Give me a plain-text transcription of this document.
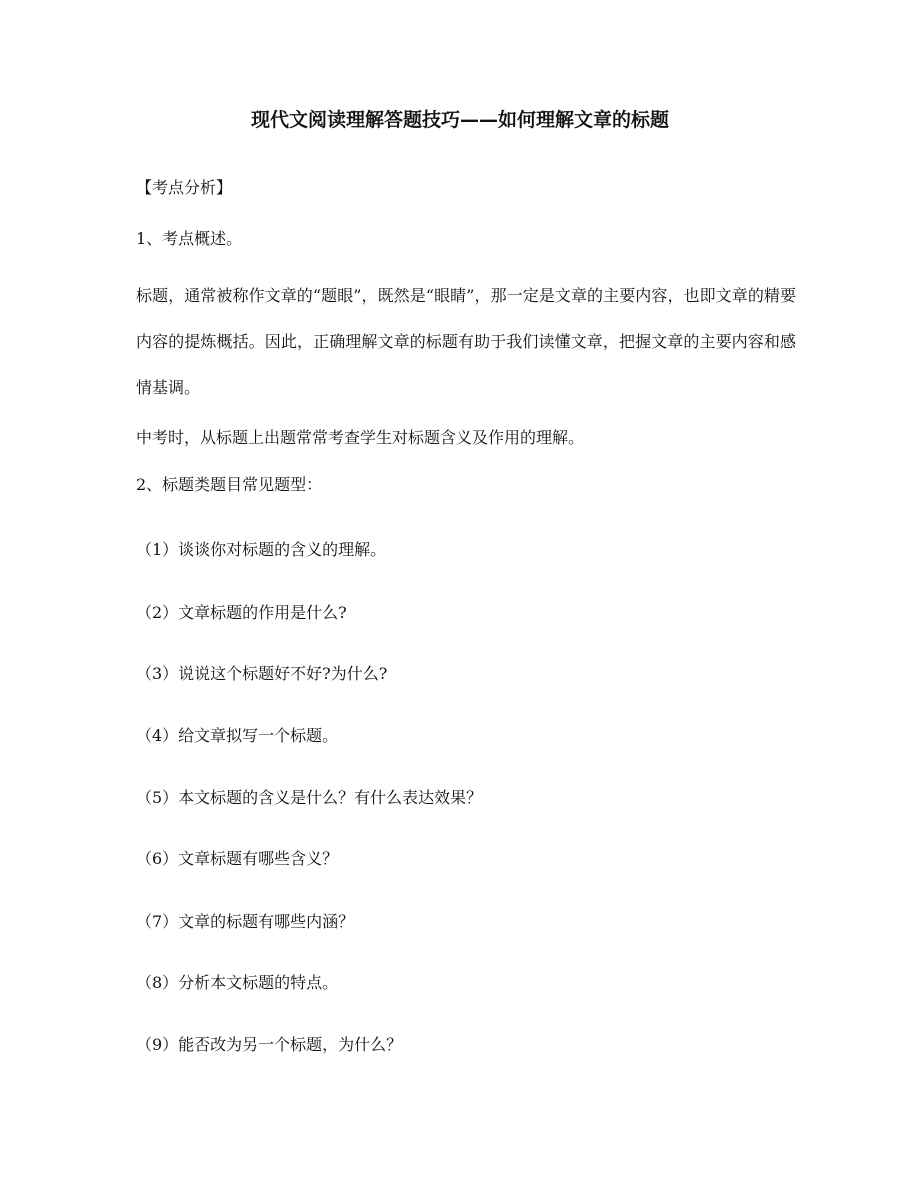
现代文阅读理解答题技巧——如何理解文章的标题
【考点分析】
1、考点概述。
标题，通常被称作文章的“题眼”，既然是“眼睛”，那一定是文章的主要内容，也即文章的精要内容的提炼概括。因此，正确理解文章的标题有助于我们读懂文章，把握文章的主要内容和感情基调。
中考时，从标题上出题常常考查学生对标题含义及作用的理解。
2、标题类题目常见题型：
（1）谈谈你对标题的含义的理解。
（2）文章标题的作用是什么?
（3）说说这个标题好不好?为什么?
（4）给文章拟写一个标题。
（5）本文标题的含义是什么？有什么表达效果？
（6）文章标题有哪些含义？
（7）文章的标题有哪些内涵？
（8）分析本文标题的特点。
（9）能否改为另一个标题，为什么？
